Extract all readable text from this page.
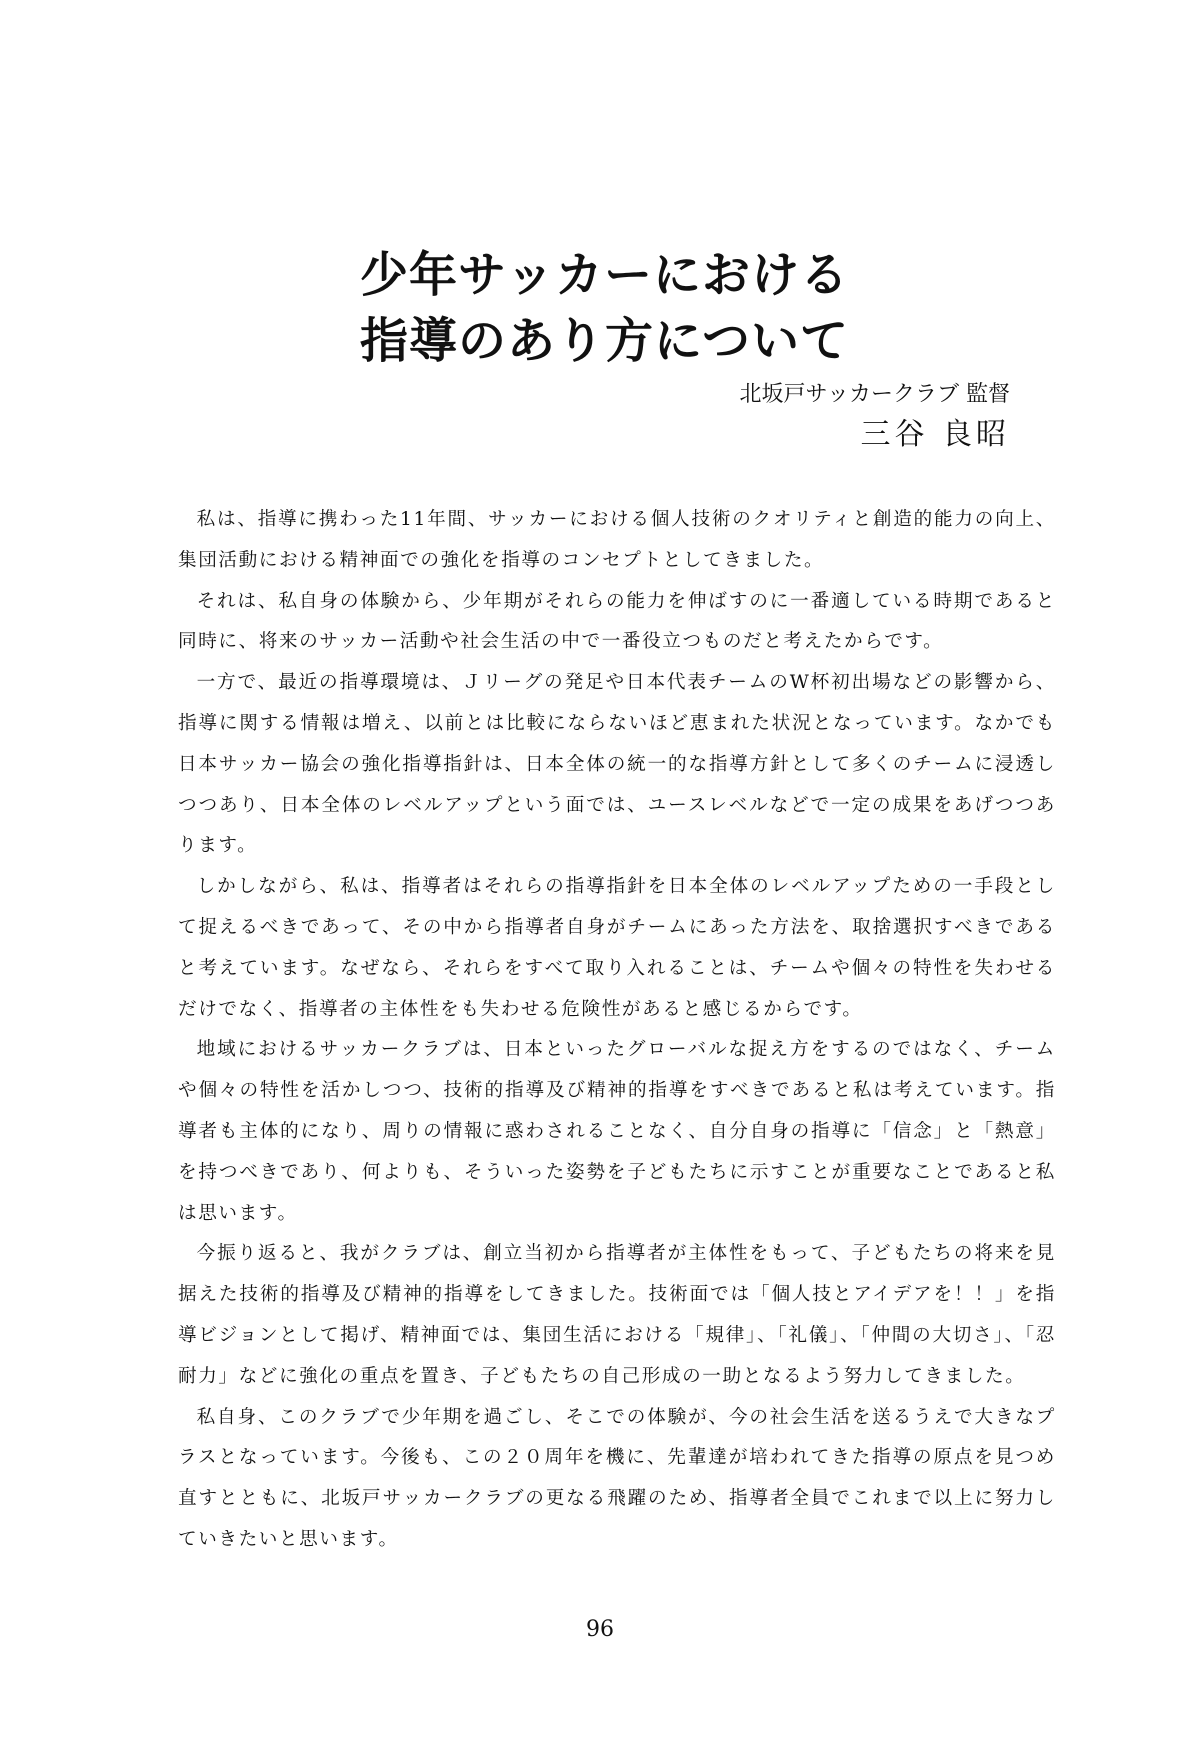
少年サッカーにおける
指導のあり方について
北坂戸サッカークラブ 監督
三谷 良昭

私は、指導に携わった11年間、サッカーにおける個人技術のクオリティと創造的能力の向上、集団活動における精神面での強化を指導のコンセプトとしてきました。

それは、私自身の体験から、少年期がそれらの能力を伸ばすのに一番適している時期であると同時に、将来のサッカー活動や社会生活の中で一番役立つものだと考えたからです。

一方で、最近の指導環境は、Ｊリーグの発足や日本代表チームのW杯初出場などの影響から、指導に関する情報は増え、以前とは比較にならないほど恵まれた状況となっています。なかでも日本サッカー協会の強化指導指針は、日本全体の統一的な指導方針として多くのチームに浸透しつつあり、日本全体のレベルアップという面では、ユースレベルなどで一定の成果をあげつつあります。

しかしながら、私は、指導者はそれらの指導指針を日本全体のレベルアップための一手段として捉えるべきであって、その中から指導者自身がチームにあった方法を、取捨選択すべきであると考えています。なぜなら、それらをすべて取り入れることは、チームや個々の特性を失わせるだけでなく、指導者の主体性をも失わせる危険性があると感じるからです。

地域におけるサッカークラブは、日本といったグローバルな捉え方をするのではなく、チームや個々の特性を活かしつつ、技術的指導及び精神的指導をすべきであると私は考えています。指導者も主体的になり、周りの情報に惑わされることなく、自分自身の指導に「信念」と「熱意」を持つべきであり、何よりも、そういった姿勢を子どもたちに示すことが重要なことであると私は思います。

今振り返ると、我がクラブは、創立当初から指導者が主体性をもって、子どもたちの将来を見据えた技術的指導及び精神的指導をしてきました。技術面では「個人技とアイデアを！！」を指導ビジョンとして掲げ、精神面では、集団生活における「規律」、「礼儀」、「仲間の大切さ」、「忍耐力」などに強化の重点を置き、子どもたちの自己形成の一助となるよう努力してきました。

私自身、このクラブで少年期を過ごし、そこでの体験が、今の社会生活を送るうえで大きなプラスとなっています。今後も、この２０周年を機に、先輩達が培われてきた指導の原点を見つめ直すとともに、北坂戸サッカークラブの更なる飛躍のため、指導者全員でこれまで以上に努力していきたいと思います。

96
